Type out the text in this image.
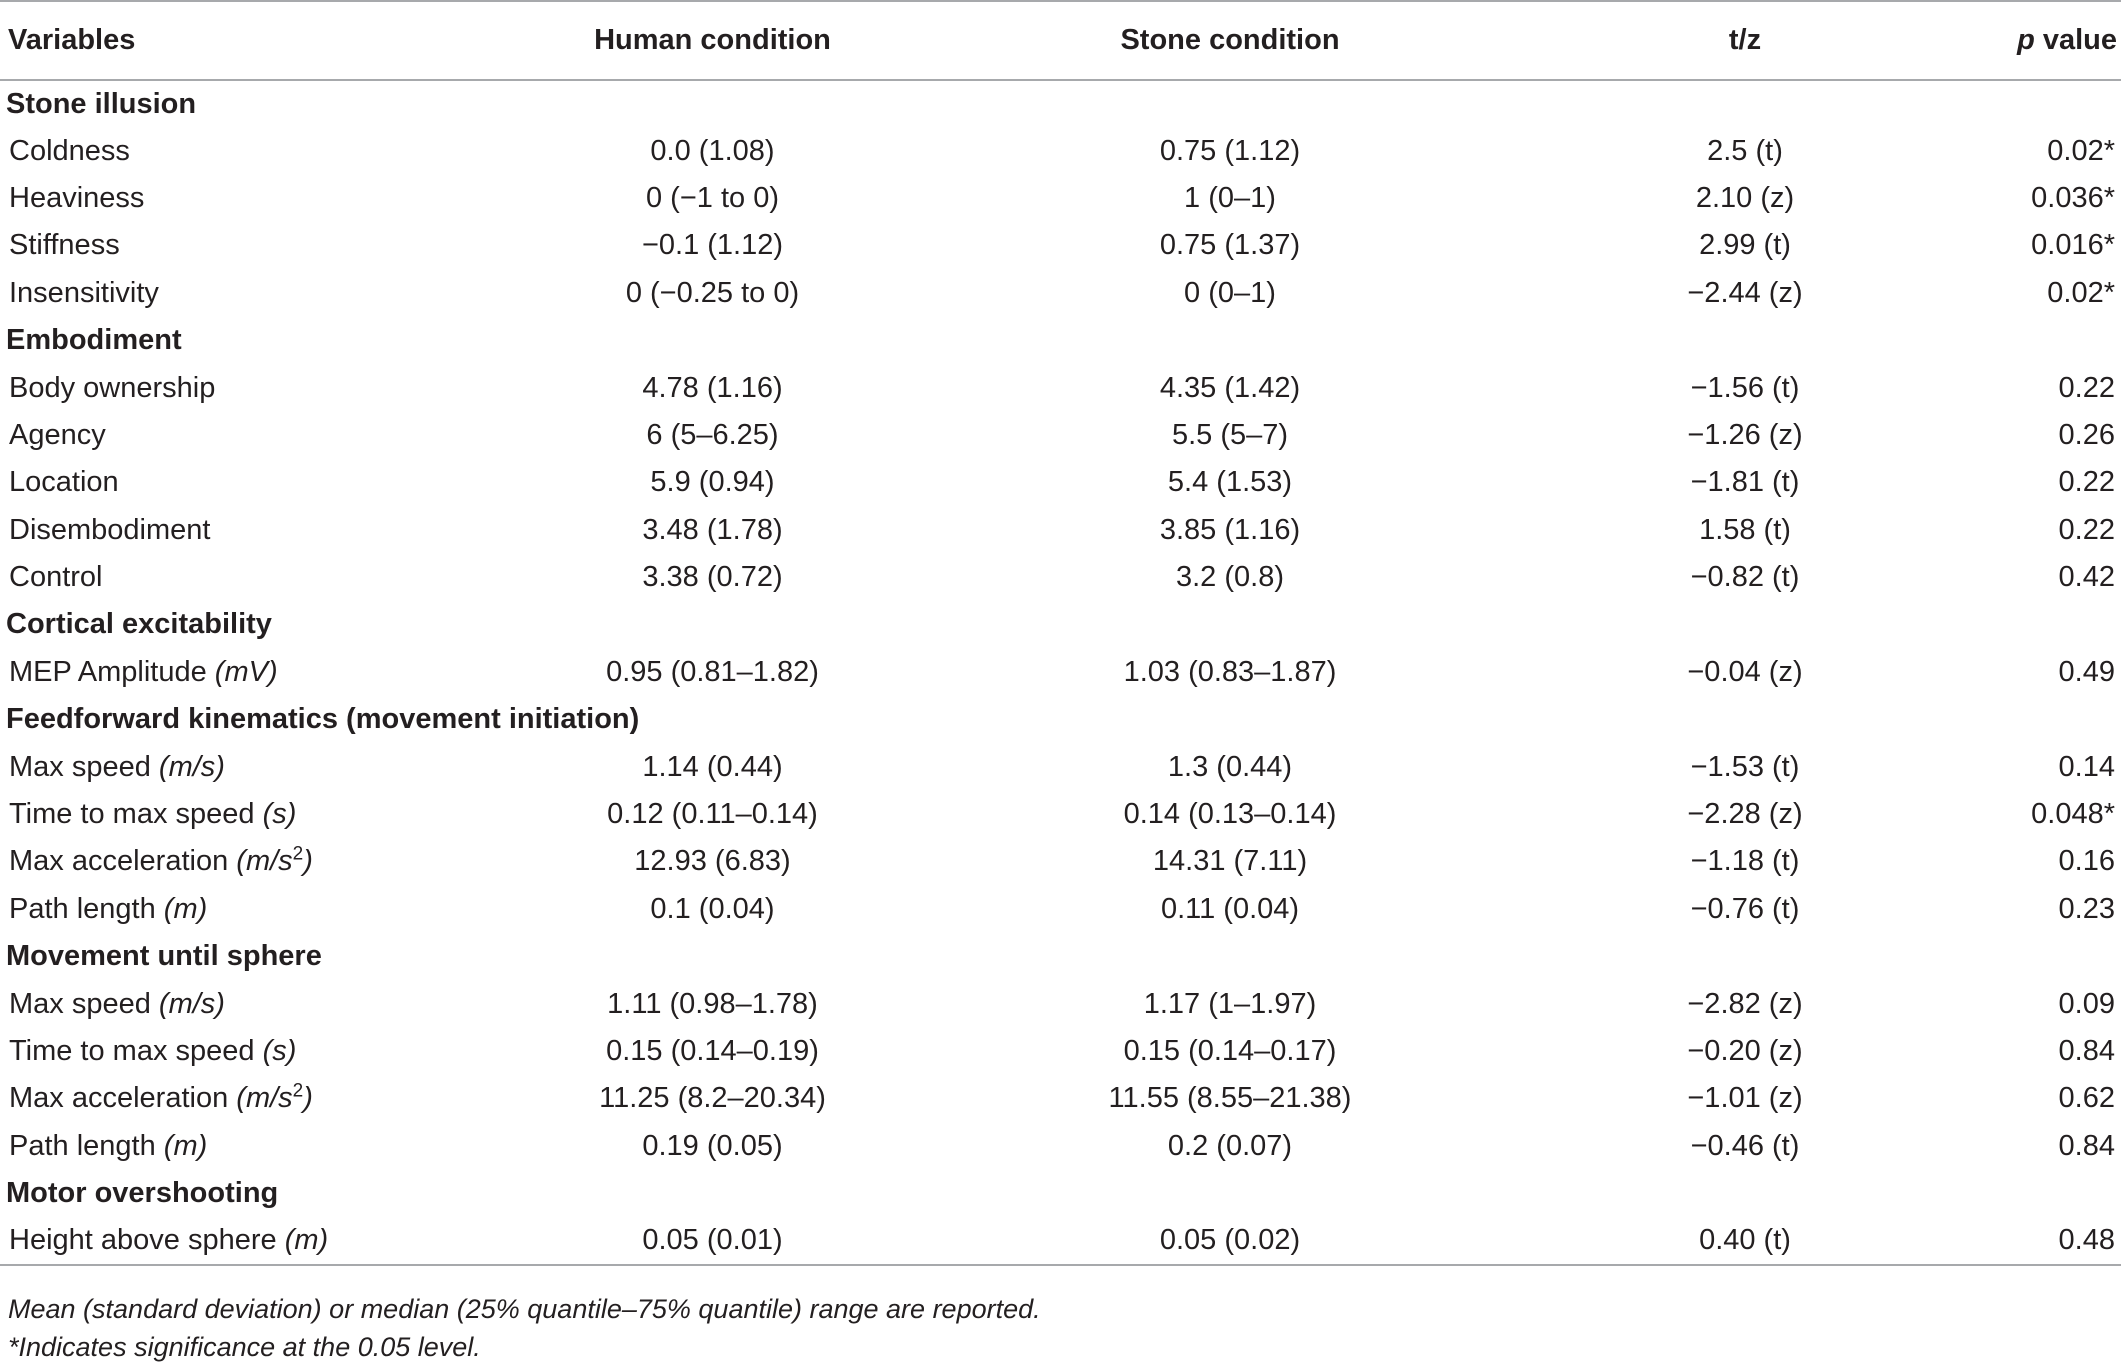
Variables	Human condition	Stone condition	t/z	p value
Stone illusion				
Coldness	0.0 (1.08)	0.75 (1.12)	2.5 (t)	0.02*
Heaviness	0 (−1 to 0)	1 (0–1)	2.10 (z)	0.036*
Stiffness	−0.1 (1.12)	0.75 (1.37)	2.99 (t)	0.016*
Insensitivity	0 (−0.25 to 0)	0 (0–1)	−2.44 (z)	0.02*
Embodiment				
Body ownership	4.78 (1.16)	4.35 (1.42)	−1.56 (t)	0.22
Agency	6 (5–6.25)	5.5 (5–7)	−1.26 (z)	0.26
Location	5.9 (0.94)	5.4 (1.53)	−1.81 (t)	0.22
Disembodiment	3.48 (1.78)	3.85 (1.16)	1.58 (t)	0.22
Control	3.38 (0.72)	3.2 (0.8)	−0.82 (t)	0.42
Cortical excitability				
MEP Amplitude (mV)	0.95 (0.81–1.82)	1.03 (0.83–1.87)	−0.04 (z)	0.49
Feedforward kinematics (movement initiation)				
Max speed (m/s)	1.14 (0.44)	1.3 (0.44)	−1.53 (t)	0.14
Time to max speed (s)	0.12 (0.11–0.14)	0.14 (0.13–0.14)	−2.28 (z)	0.048*
Max acceleration $(m/s^2)$	12.93 (6.83)	14.31 (7.11)	−1.18 (t)	0.16
Path length (m)	0.1 (0.04)	0.11 (0.04)	−0.76 (t)	0.23
Movement until sphere				
Max speed (m/s)	1.11 (0.98–1.78)	1.17 (1–1.97)	−2.82 (z)	0.09
Time to max speed (s)	0.15 (0.14–0.19)	0.15 (0.14–0.17)	−0.20 (z)	0.84
Max acceleration $(m/s^2)$	11.25 (8.2–20.34)	11.55 (8.55–21.38)	−1.01 (z)	0.62
Path length (m)	0.19 (0.05)	0.2 (0.07)	−0.46 (t)	0.84
Motor overshooting				
Height above sphere (m)	0.05 (0.01)	0.05 (0.02)	0.40 (t)	0.48
Mean (standard deviation) or median (25% quantile–75% quantile) range are reported.
*Indicates significance at the 0.05 level.
